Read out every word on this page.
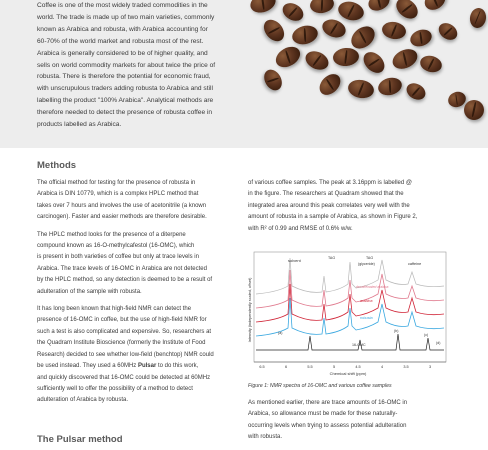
Coffee is one of the most widely traded commodities in the

world. The trade is made up of two main varieties, commonly

known as Arabica and robusta, with Arabica accounting for

60-70% of the world market and robusta most of the rest.

Arabica is generally considered to be of higher quality, and

sells on world commodity markets for about twice the price of

robusta. There is therefore the potential for economic fraud,

with unscrupulous traders adding robusta to Arabica and still

labelling the product "100% Arabica". Analytical methods are

therefore needed to detect the presence of robusta coffee in

products labelled as Arabica.

Methods

The official method for testing for the presence of robusta in
Arabica is DIN 10779, which is a complex HPLC method that
takes over 7 hours and involves the use of acetonitrile (a known
carcinogen). Faster and easier methods are therefore desirable.

The HPLC method looks for the presence of a diterpene
compound known as 16-O-methylcafestol (16-OMC), which
is present in both varieties of coffee but only at trace levels in
Arabica. The trace levels of 16-OMC in Arabica are not detected
by the HPLC method, so any detection is deemed to be a result of
adulteration of the sample with robusta.

It has long been known that high-field NMR can detect the
presence of 16-OMC in coffee, but the use of high-field NMR for
such a test is also complicated and expensive. So, researchers at
the Quadram Institute Bioscience (formerly the Institute of Food
Research) decided to see whether low-field (benchtop) NMR could
be used instead. They used a 60MHz Pulsar to do this work,
and quickly discovered that 16-OMC could be detected at 60MHz
sufficiently well to offer the possibility of a method to detect
adulteration of Arabica by robusta.

The Pulsar method

of various coffee samples. The peak at 3.16ppm is labelled @
in the figure. The researchers at Quadram showed that the
integrated area around this peak correlates very well with the
amount of robusta in a sample of Arabica, as shown in Figure 2,
with R² of 0.99 and RMSE of 0.6% w/w.

Intensity (independently scaled, offset)
solvent	TAG	TAG
(glyceride)	caffeine
decaffeinated arabica
arabica
robusta
16-OMC
(a)	(b)
(c)
(d)
6.5	6	5.5	5	4.5	4	3.5	3
Chemical shift (ppm)
Figure 1: NMR spectra of 16-OMC and various coffee samples

As mentioned earlier, there are trace amounts of 16-OMC in
Arabica, so allowance must be made for these naturally-
occurring levels when trying to assess potential adulteration
with robusta.
